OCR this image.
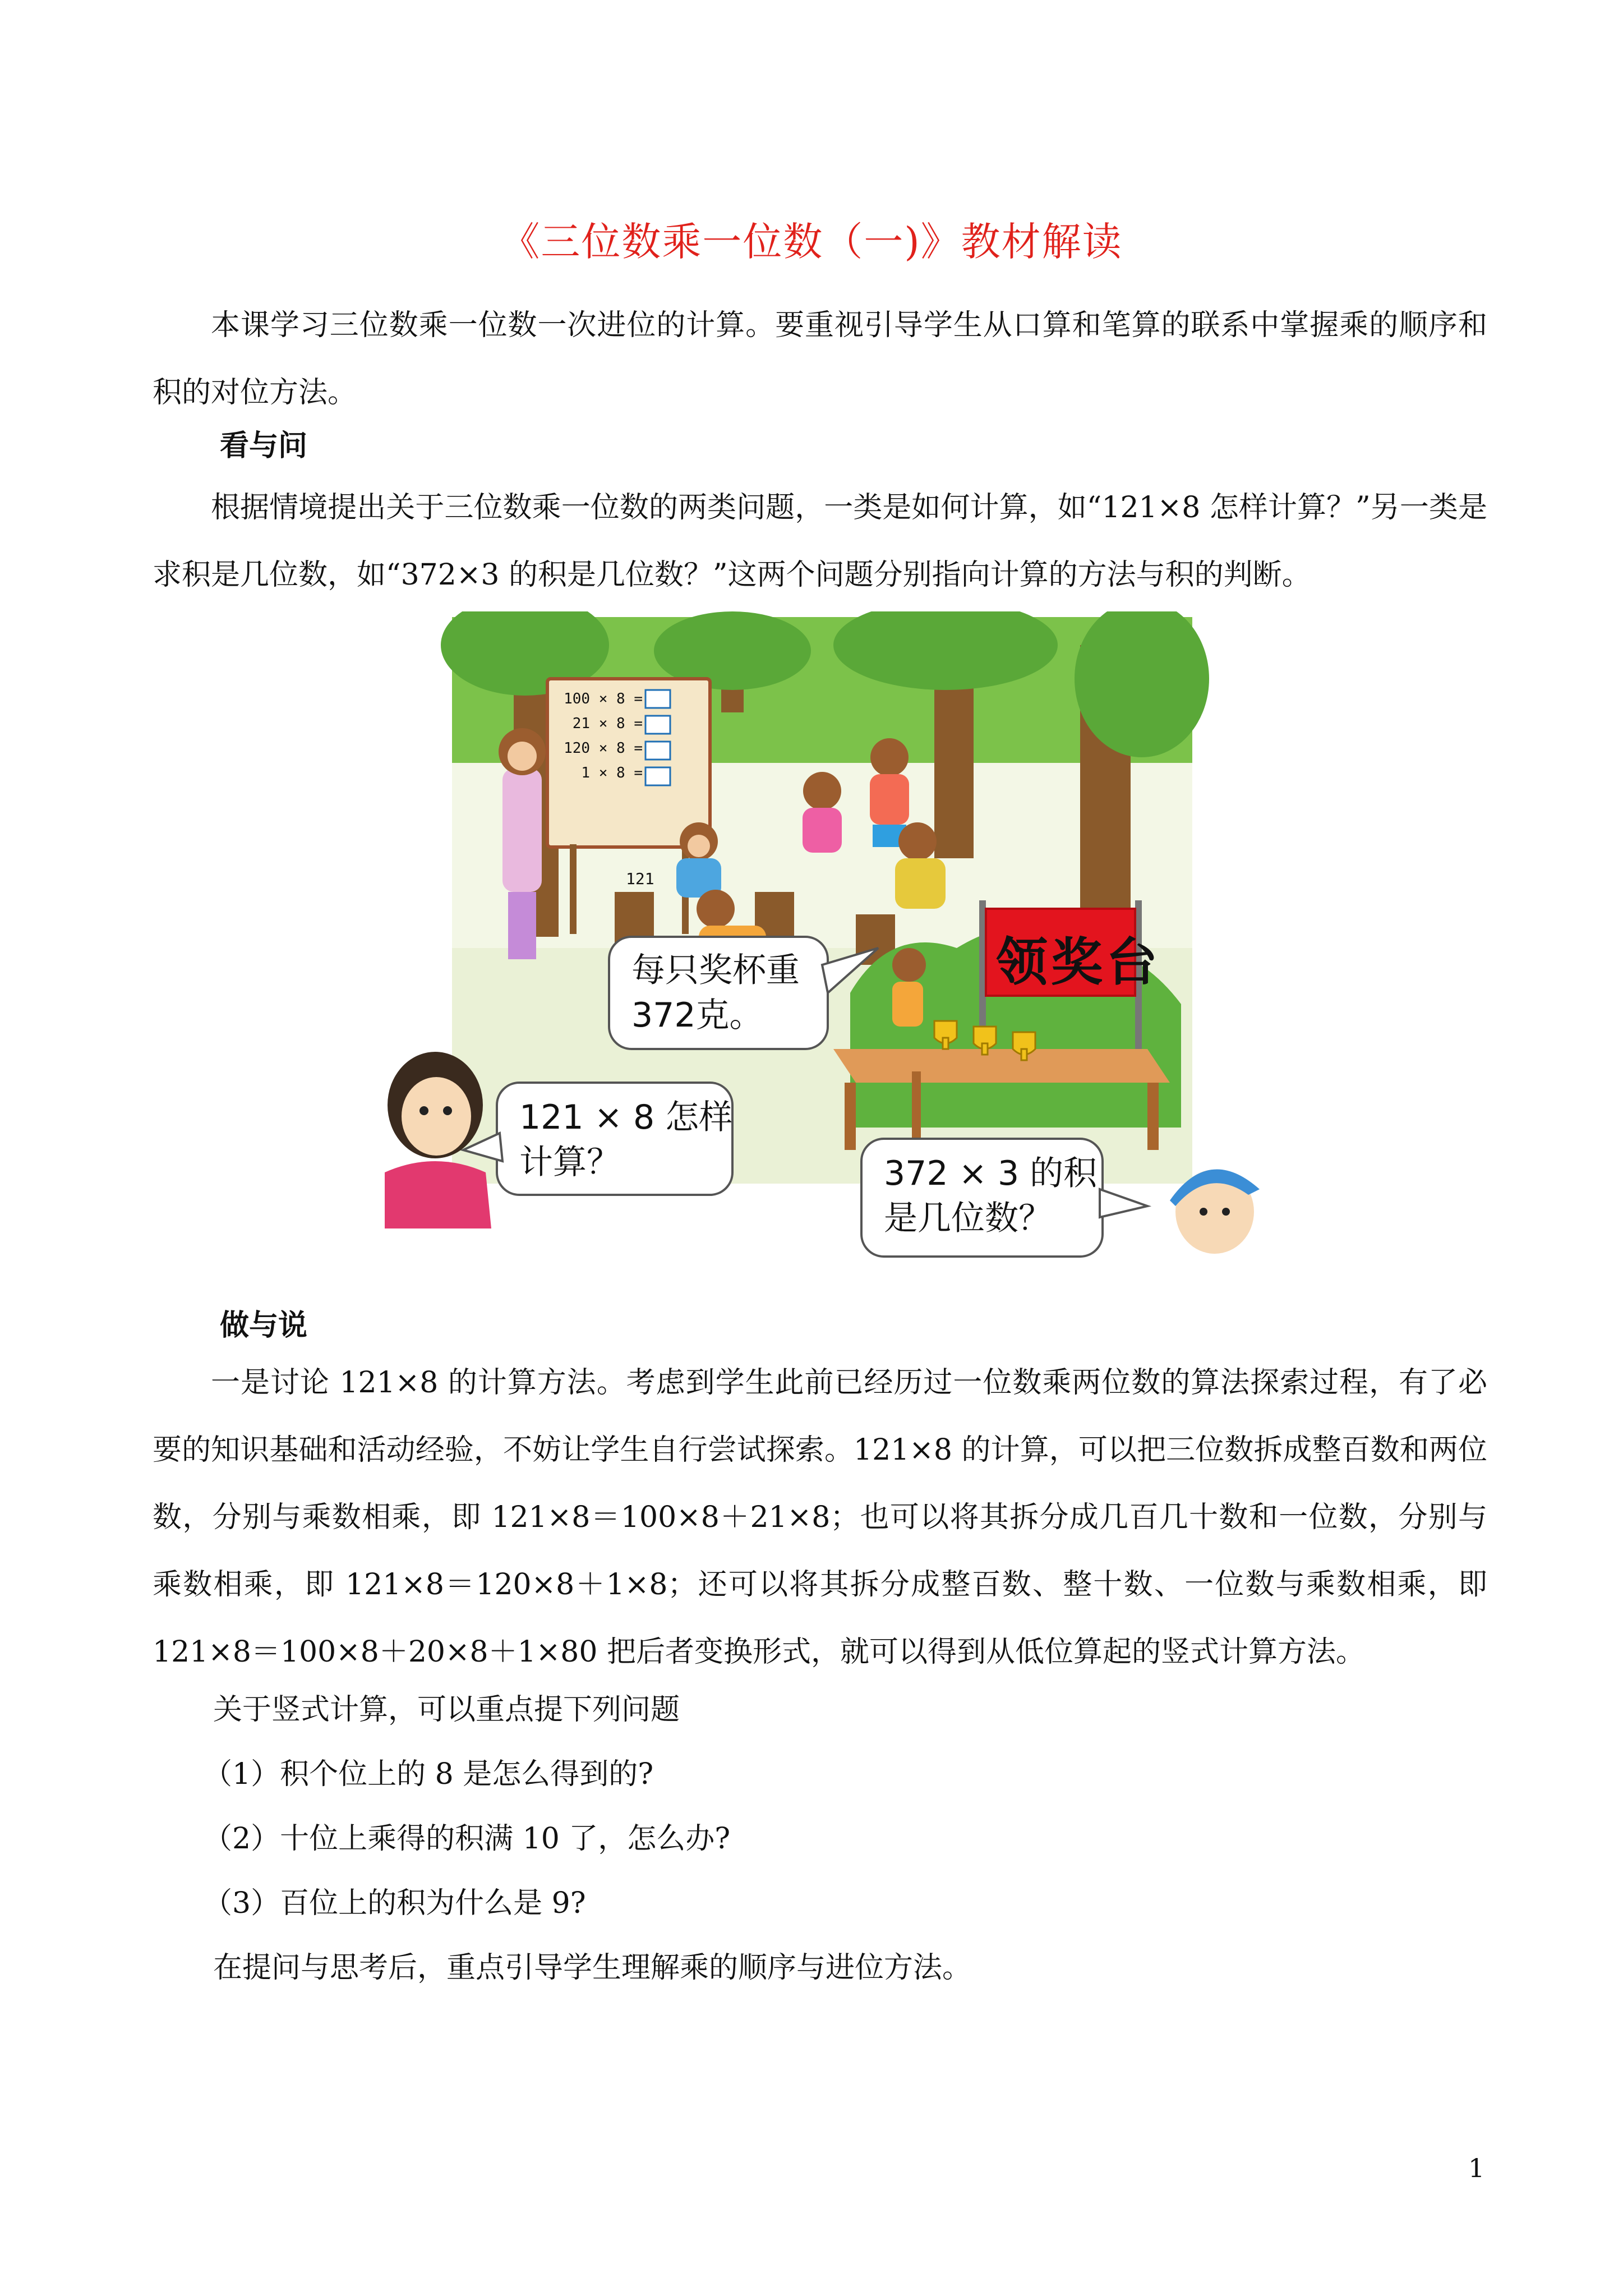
《三位数乘一位数（一)》教材解读
本课学习三位数乘一位数一次进位的计算。要重视引导学生从口算和笔算的联系中掌握乘的顺序和积的对位方法。
看与问
根据情境提出关于三位数乘一位数的两类问题，一类是如何计算，如“121×8 怎样计算？”另一类是求积是几位数，如“372×3 的积是几位数？”这两个问题分别指向计算的方法与积的判断。
100 × 8 =
21 × 8 =
120 × 8 =
1 × 8 =
121
领奖台
每只奖杯重
372克。
121 × 8 怎样
计算？	372 × 3 的积
是几位数？
做与说
一是讨论 121×8 的计算方法。考虑到学生此前已经历过一位数乘两位数的算法探索过程，有了必要的知识基础和活动经验，不妨让学生自行尝试探索。121×8 的计算，可以把三位数拆成整百数和两位数，分别与乘数相乘，即 121×8＝100×8＋21×8；也可以将其拆分成几百几十数和一位数，分别与乘数相乘，即 121×8＝120×8＋1×8；还可以将其拆分成整百数、整十数、一位数与乘数相乘，即 121×8＝100×8＋20×8＋1×80 把后者变换形式，就可以得到从低位算起的竖式计算方法。
关于竖式计算，可以重点提下列问题
（1）积个位上的 8 是怎么得到的?
（2）十位上乘得的积满 10 了，怎么办?
（3）百位上的积为什么是 9?
在提问与思考后，重点引导学生理解乘的顺序与进位方法。
1
